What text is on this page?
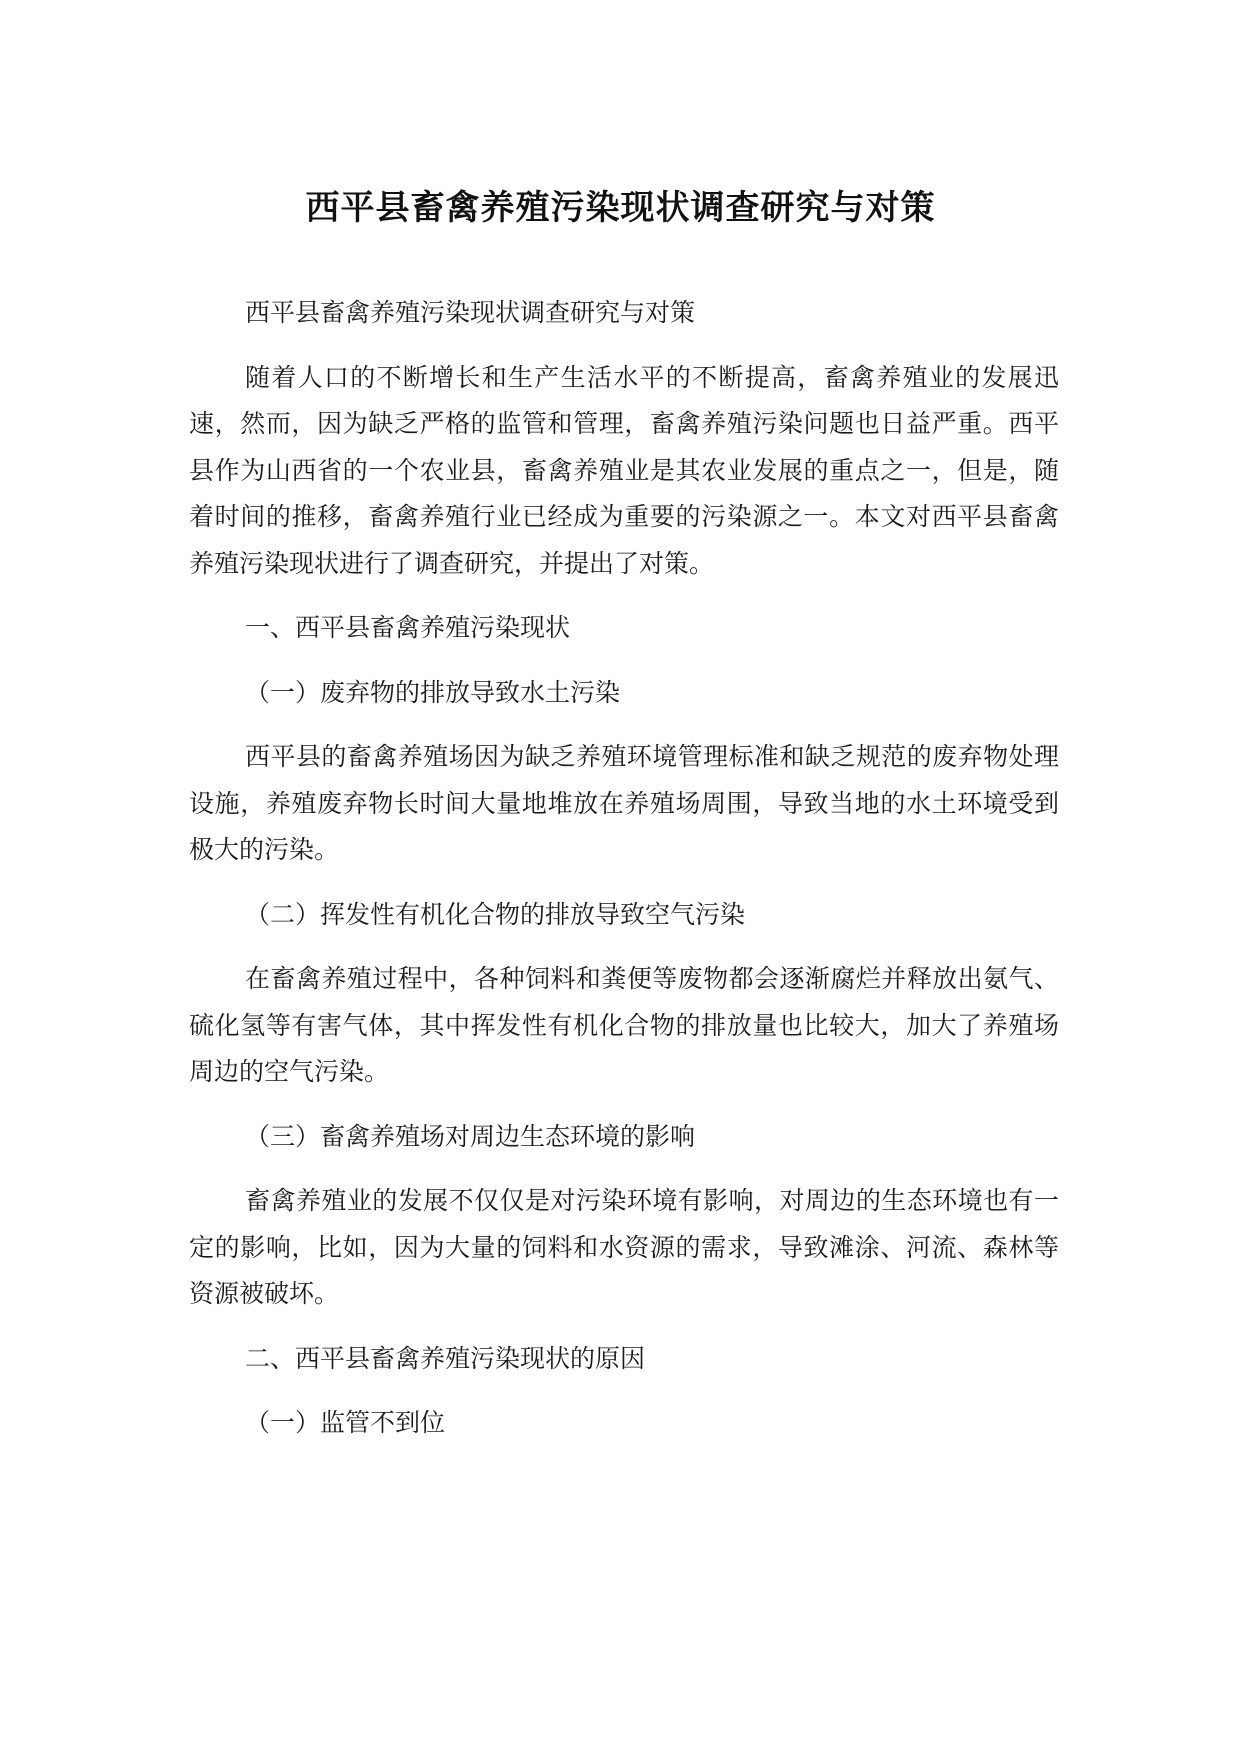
西平县畜禽养殖污染现状调查研究与对策

西平县畜禽养殖污染现状调查研究与对策

随着人口的不断增长和生产生活水平的不断提高，畜禽养殖业的发展迅速，然而，因为缺乏严格的监管和管理，畜禽养殖污染问题也日益严重。西平县作为山西省的一个农业县，畜禽养殖业是其农业发展的重点之一，但是，随着时间的推移，畜禽养殖行业已经成为重要的污染源之一。本文对西平县畜禽养殖污染现状进行了调查研究，并提出了对策。

一、西平县畜禽养殖污染现状

（一）废弃物的排放导致水土污染

西平县的畜禽养殖场因为缺乏养殖环境管理标准和缺乏规范的废弃物处理设施，养殖废弃物长时间大量地堆放在养殖场周围，导致当地的水土环境受到极大的污染。

（二）挥发性有机化合物的排放导致空气污染

在畜禽养殖过程中，各种饲料和粪便等废物都会逐渐腐烂并释放出氨气、硫化氢等有害气体，其中挥发性有机化合物的排放量也比较大，加大了养殖场周边的空气污染。

（三）畜禽养殖场对周边生态环境的影响

畜禽养殖业的发展不仅仅是对污染环境有影响，对周边的生态环境也有一定的影响，比如，因为大量的饲料和水资源的需求，导致滩涂、河流、森林等资源被破坏。

二、西平县畜禽养殖污染现状的原因

（一）监管不到位
